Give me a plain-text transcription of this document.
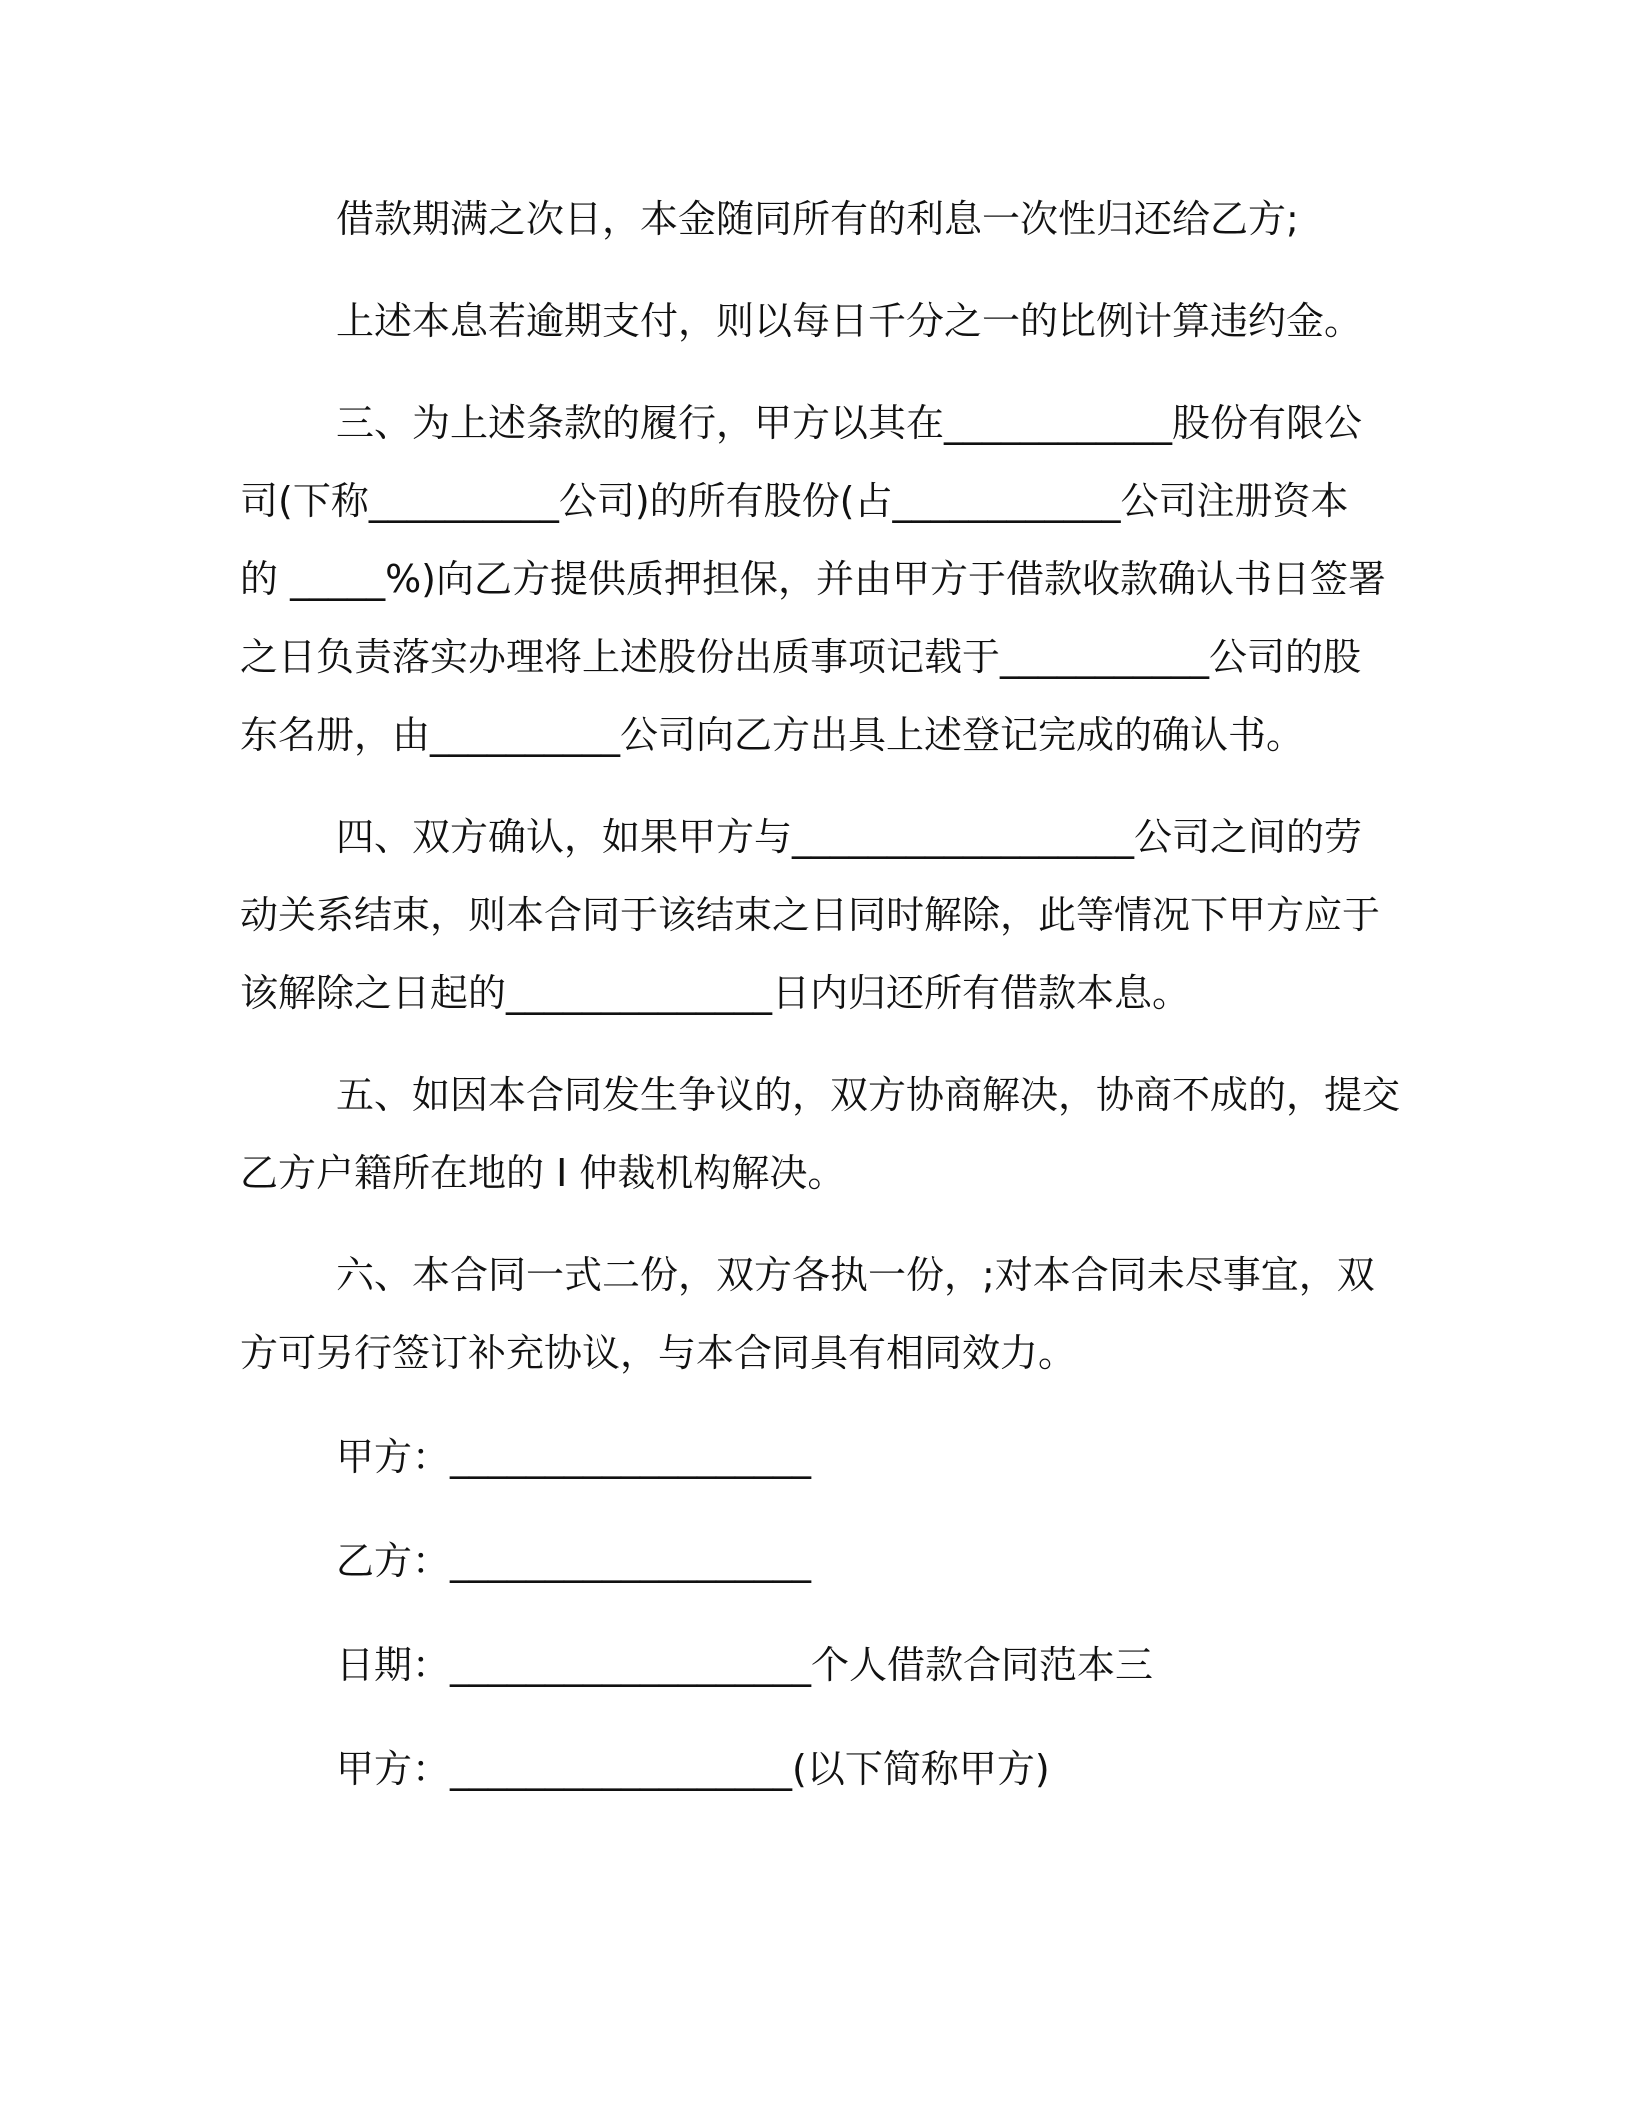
借款期满之次日，本金随同所有的利息一次性归还给乙方;

上述本息若逾期支付，则以每日千分之一的比例计算违约金。

三、为上述条款的履行，甲方以其在____________股份有限公

司(下称__________公司)的所有股份(占____________公司注册资本

的 _____%)向乙方提供质押担保，并由甲方于借款收款确认书日签署

之日负责落实办理将上述股份出质事项记载于___________公司的股

东名册，由__________公司向乙方出具上述登记完成的确认书。

四、双方确认，如果甲方与__________________公司之间的劳

动关系结束，则本合同于该结束之日同时解除，此等情况下甲方应于

该解除之日起的______________日内归还所有借款本息。

五、如因本合同发生争议的，双方协商解决，协商不成的，提交

乙方户籍所在地的 I 仲裁机构解决。

六、本合同一式二份，双方各执一份，;对本合同未尽事宜，双

方可另行签订补充协议，与本合同具有相同效力。

甲方：___________________

乙方：___________________

日期：___________________个人借款合同范本三

甲方：__________________(以下简称甲方)
